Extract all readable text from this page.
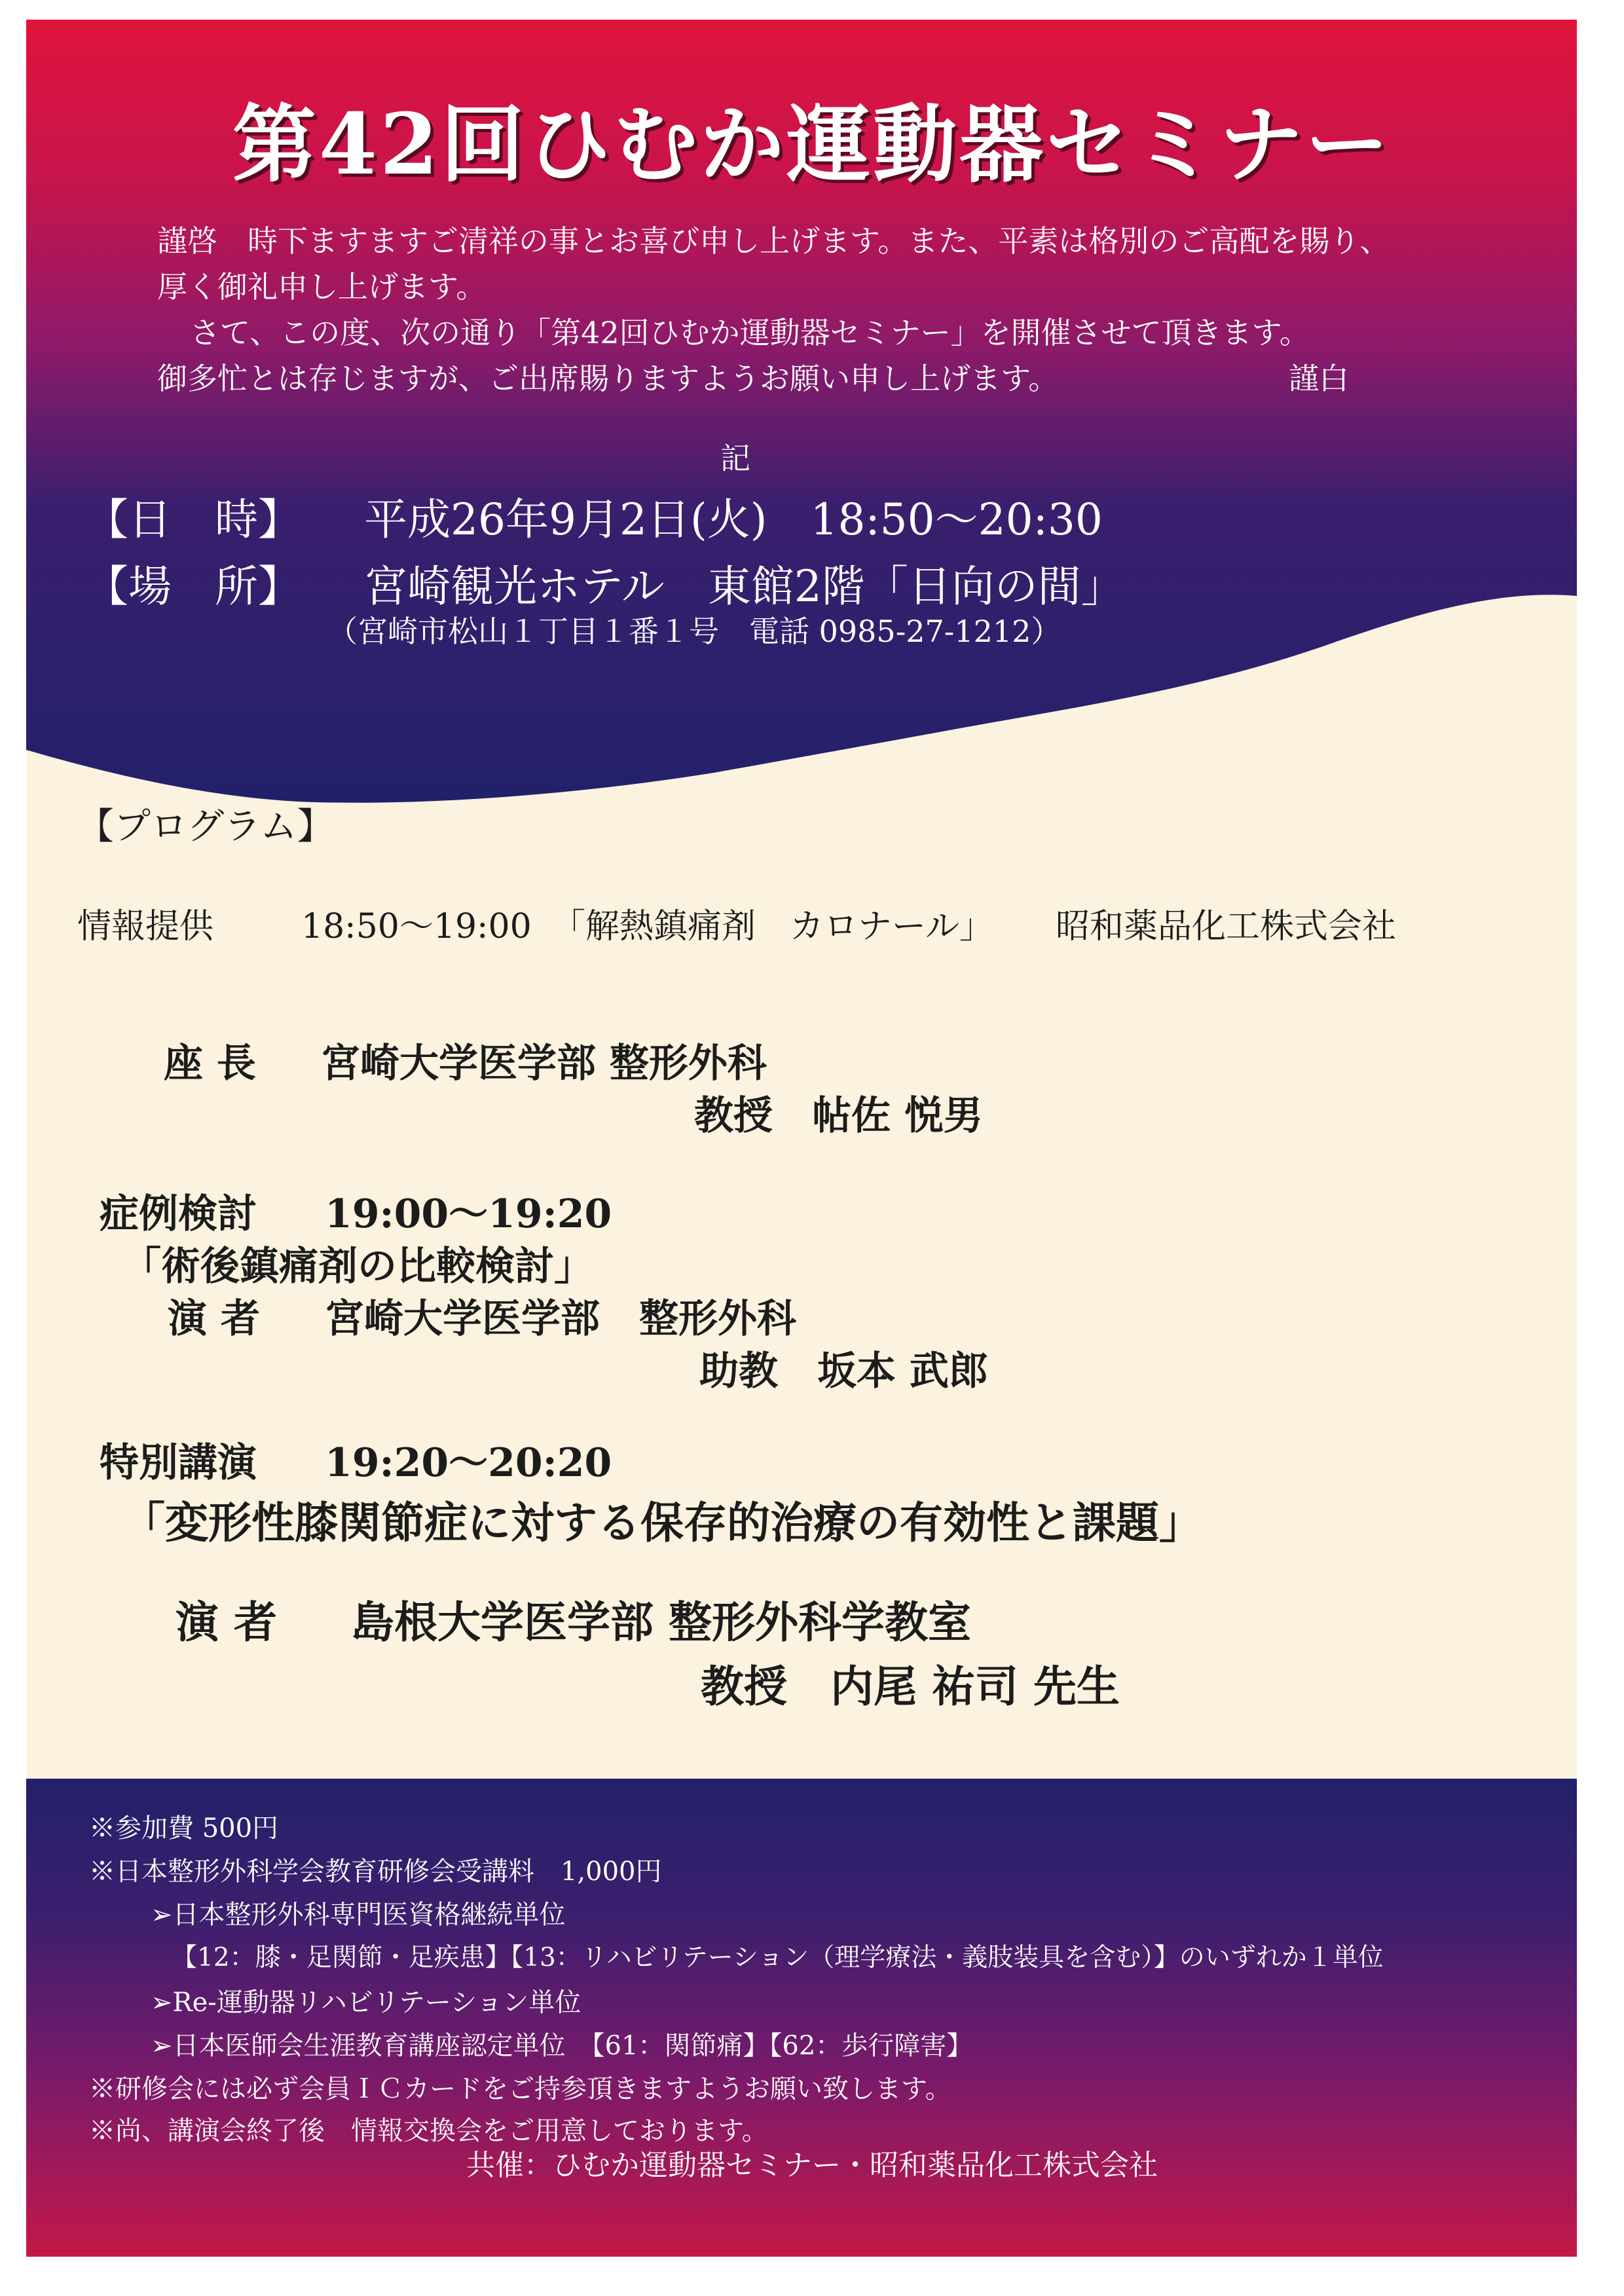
第42回ひむか運動器セミナー
謹啓　時下ますますご清祥の事とお喜び申し上げます。また、平素は格別のご高配を賜り、
厚く御礼申し上げます。
さて、この度、次の通り「第42回ひむか運動器セミナー」を開催させて頂きます。
御多忙とは存じますが、ご出席賜りますようお願い申し上げます。	謹白
記
【日　時】 平成26年9月2日(火)　18:50～20:30
【場　所】 宮崎観光ホテル　東館2階「日向の間」
（宮崎市松山１丁目１番１号　電話 0985-27-1212）
【プログラム】
情報提供	18:50～19:00 「解熱鎮痛剤　カロナール」 昭和薬品化工株式会社
座 長 宮崎大学医学部 整形外科
教授　帖佐 悦男
症例検討 19:00～19:20
「術後鎮痛剤の比較検討」
演 者 宮崎大学医学部　整形外科
助教　坂本 武郎
特別講演 19:20～20:20
「変形性膝関節症に対する保存的治療の有効性と課題」
演 者 島根大学医学部 整形外科学教室
教授　内尾 祐司 先生
※参加費 500円
※日本整形外科学会教育研修会受講料　1,000円
➢日本整形外科専門医資格継続単位
【12：膝・足関節・足疾患】【13：リハビリテーション（理学療法・義肢装具を含む）】のいずれか１単位
➢Re-運動器リハビリテーション単位
➢日本医師会生涯教育講座認定単位　【61：関節痛】【62：歩行障害】
※研修会には必ず会員ＩＣカードをご持参頂きますようお願い致します。
※尚、講演会終了後　情報交換会をご用意しております。
共催：ひむか運動器セミナー・昭和薬品化工株式会社
